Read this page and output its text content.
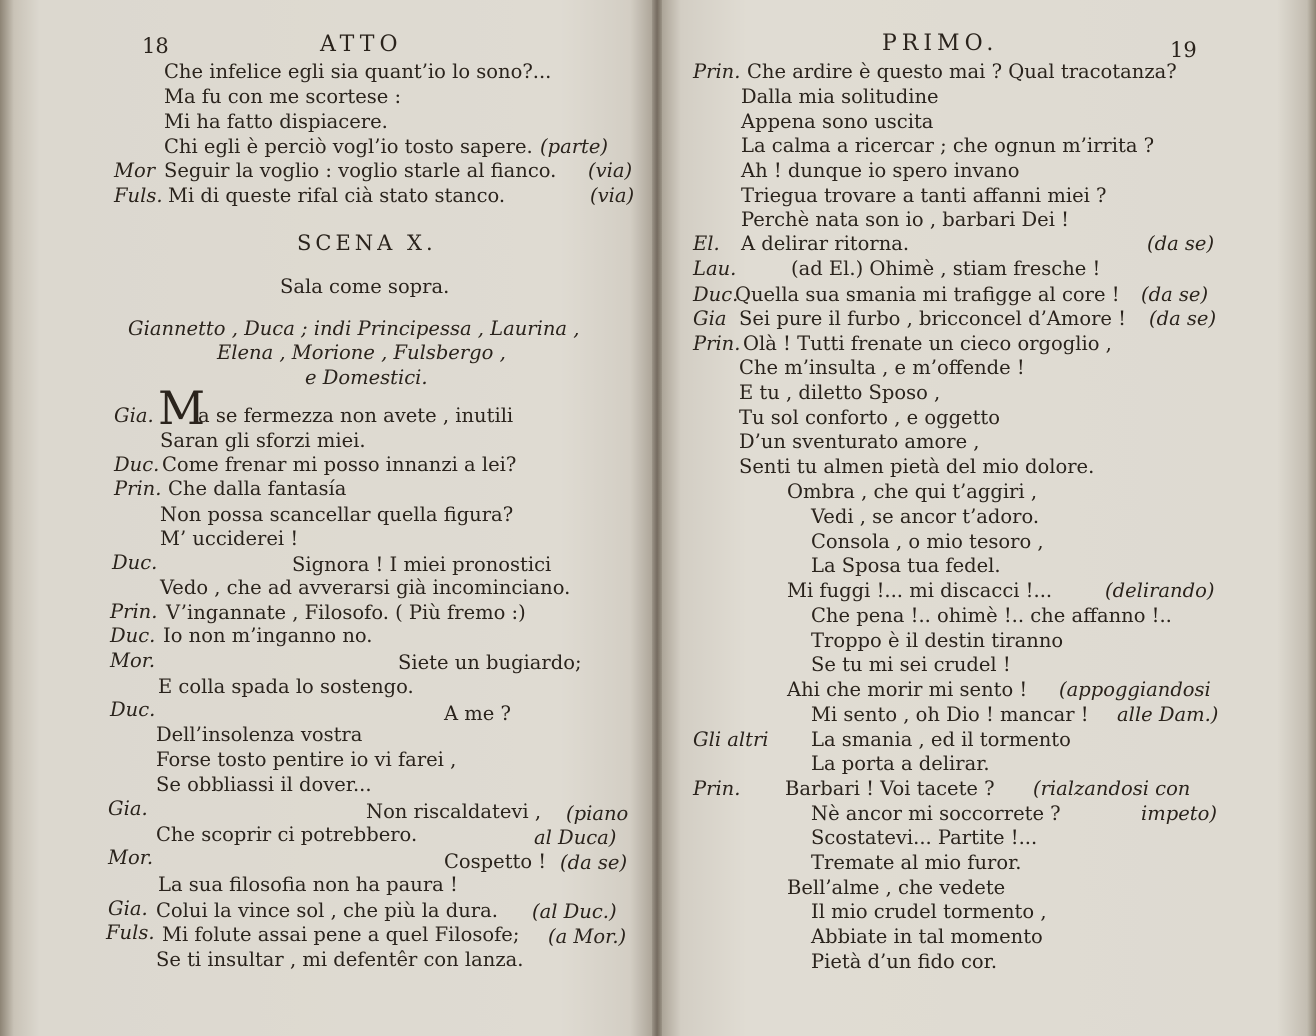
18	ATTO
Che infelice egli sia quant’io lo sono?...
Ma fu con me scortese :
Mi ha fatto dispiacere.
Chi egli è perciò vogl’io tosto sapere. (parte)
Mor Seguir la voglio : voglio starle al fianco. (via)
Fuls. Mi di queste rifal cià stato stanco.	(via)
SCENA X.
Sala come sopra.
Giannetto , Duca ; indi Principessa , Laurina ,
Elena , Morione , Fulsbergo ,
e Domestici.
Gia. M
a se fermezza non avete , inutili
Saran gli sforzi miei.
Duc. Come frenar mi posso innanzi a lei?
Prin. Che dalla fantasía
Non possa scancellar quella figura?
M’ ucciderei !
Duc.	Signora ! I miei pronostici
Vedo , che ad avverarsi già incominciano.
Prin. V’ingannate , Filosofo. ( Più fremo :)
Duc. Io non m’inganno no.
Mor.	Siete un bugiardo;
E colla spada lo sostengo.
Duc.	A me ?
Dell’insolenza vostra
Forse tosto pentire io vi farei ,
Se obbliassi il dover...
Gia.	Non riscaldatevi , (piano
Che scoprir ci potrebbero.	al Duca)
Mor.	Cospetto ! (da se)
La sua filosofia non ha paura !
Gia. Colui la vince sol , che più la dura. (al Duc.)
Fuls. Mi folute assai pene a quel Filosofe; (a Mor.)
Se ti insultar , mi defentêr con lanza.
PRIMO.	19
Prin. Che ardire è questo mai ? Qual tracotanza?
Dalla mia solitudine
Appena sono uscita
La calma a ricercar ; che ognun m’irrita ?
Ah ! dunque io spero invano
Triegua trovare a tanti affanni miei ?
Perchè nata son io , barbari Dei !
El. A delirar ritorna.	(da se)
Lau.	(ad El.) Ohimè , stiam fresche !
Duc.
Quella sua smania mi trafigge al core ! (da se)
Gia Sei pure il furbo , bricconcel d’Amore ! (da se)
Prin. Olà ! Tutti frenate un cieco orgoglio ,
Che m’insulta , e m’offende !
E tu , diletto Sposo ,
Tu sol conforto , e oggetto
D’un sventurato amore ,
Senti tu almen pietà del mio dolore.
Ombra , che qui t’aggiri ,
Vedi , se ancor t’adoro.
Consola , o mio tesoro ,
La Sposa tua fedel.
Mi fuggi !... mi discacci !...	(delirando)
Che pena !.. ohimè !.. che affanno !..
Troppo è il destin tiranno
Se tu mi sei crudel !
Ahi che morir mi sento ! (appoggiandosi
Mi sento , oh Dio ! mancar ! alle Dam.)
Gli altri La smania , ed il tormento
La porta a delirar.
Prin. Barbari ! Voi tacete ? (rialzandosi con
Nè ancor mi soccorrete ?	impeto)
Scostatevi... Partite !...
Tremate al mio furor.
Bell’alme , che vedete
Il mio crudel tormento ,
Abbiate in tal momento
Pietà d’un fido cor.
